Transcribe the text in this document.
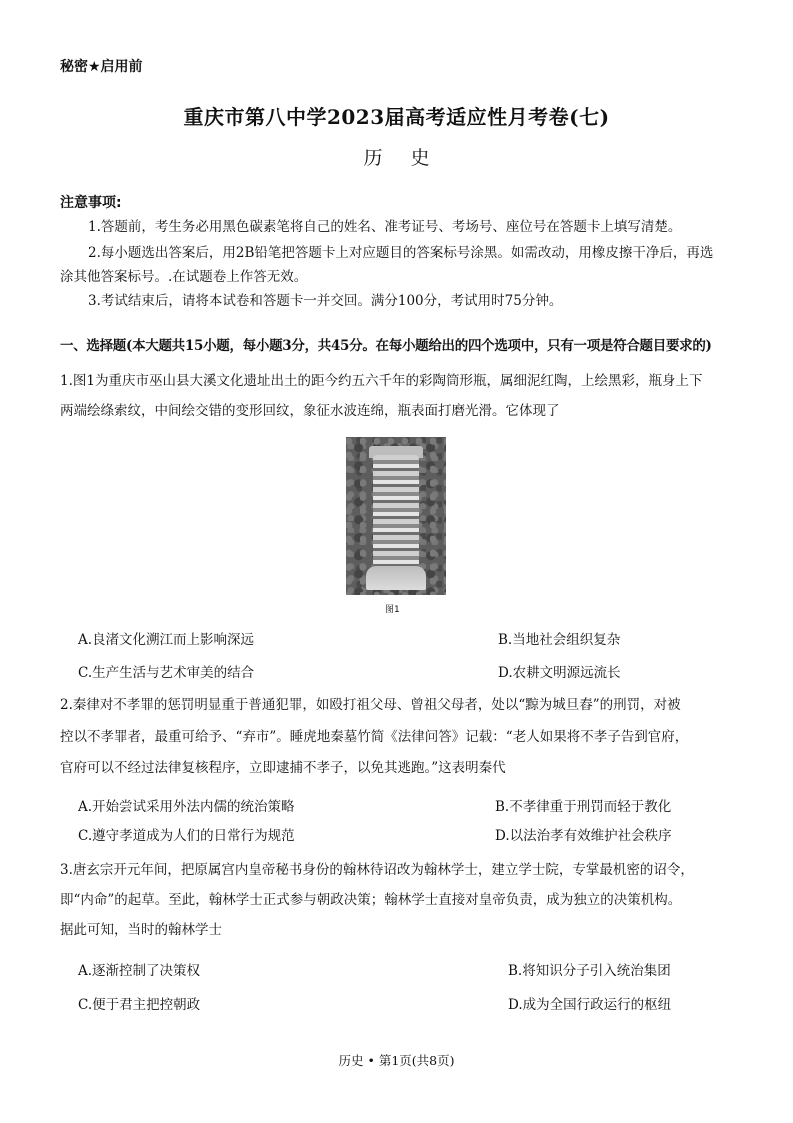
秘密★启用前
重庆市第八中学2023届高考适应性月考卷(七)
历史
注意事项:
1.答题前，考生务必用黑色碳素笔将自己的姓名、准考证号、考场号、座位号在答题卡上填写清楚。
2.每小题选出答案后，用2B铅笔把答题卡上对应题目的答案标号涂黑。如需改动，用橡皮擦干净后，再选
涂其他答案标号。.在试题卷上作答无效。
3.考试结束后，请将本试卷和答题卡一并交回。满分100分，考试用时75分钟。
一、选择题(本大题共15小题，每小题3分，共45分。在每小题给出的四个选项中，只有一项是符合题目要求的)
1.图1为重庆市巫山县大溪文化遗址出土的距今约五六千年的彩陶筒形瓶，属细泥红陶，上绘黑彩，瓶身上下
两端绘绦索纹，中间绘交错的变形回纹，象征水波连绵，瓶表面打磨光滑。它体现了
图1
A.良渚文化溯江而上影响深远	B.当地社会组织复杂
C.生产生活与艺术审美的结合	D.农耕文明源远流长
2.秦律对不孝罪的惩罚明显重于普通犯罪，如殴打祖父母、曾祖父母者，处以“黥为城旦舂”的刑罚，对被
控以不孝罪者，最重可给予、“弃市”。睡虎地秦墓竹简《法律问答》记载：“老人如果将不孝子告到官府，
官府可以不经过法律复核程序，立即逮捕不孝子，以免其逃跑。”这表明秦代
A.开始尝试采用外法内儒的统治策略	B.不孝律重于刑罚而轻于教化
C.遵守孝道成为人们的日常行为规范	D.以法治孝有效维护社会秩序
3.唐玄宗开元年间，把原属宫内皇帝秘书身份的翰林待诏改为翰林学士，建立学士院，专掌最机密的诏令，
即“内命”的起草。至此，翰林学士正式参与朝政决策；翰林学士直接对皇帝负责，成为独立的决策机构。
据此可知，当时的翰林学士
A.逐渐控制了决策权	B.将知识分子引入统治集团
C.便于君主把控朝政	D.成为全国行政运行的枢纽
历史 • 第1页(共8页)
